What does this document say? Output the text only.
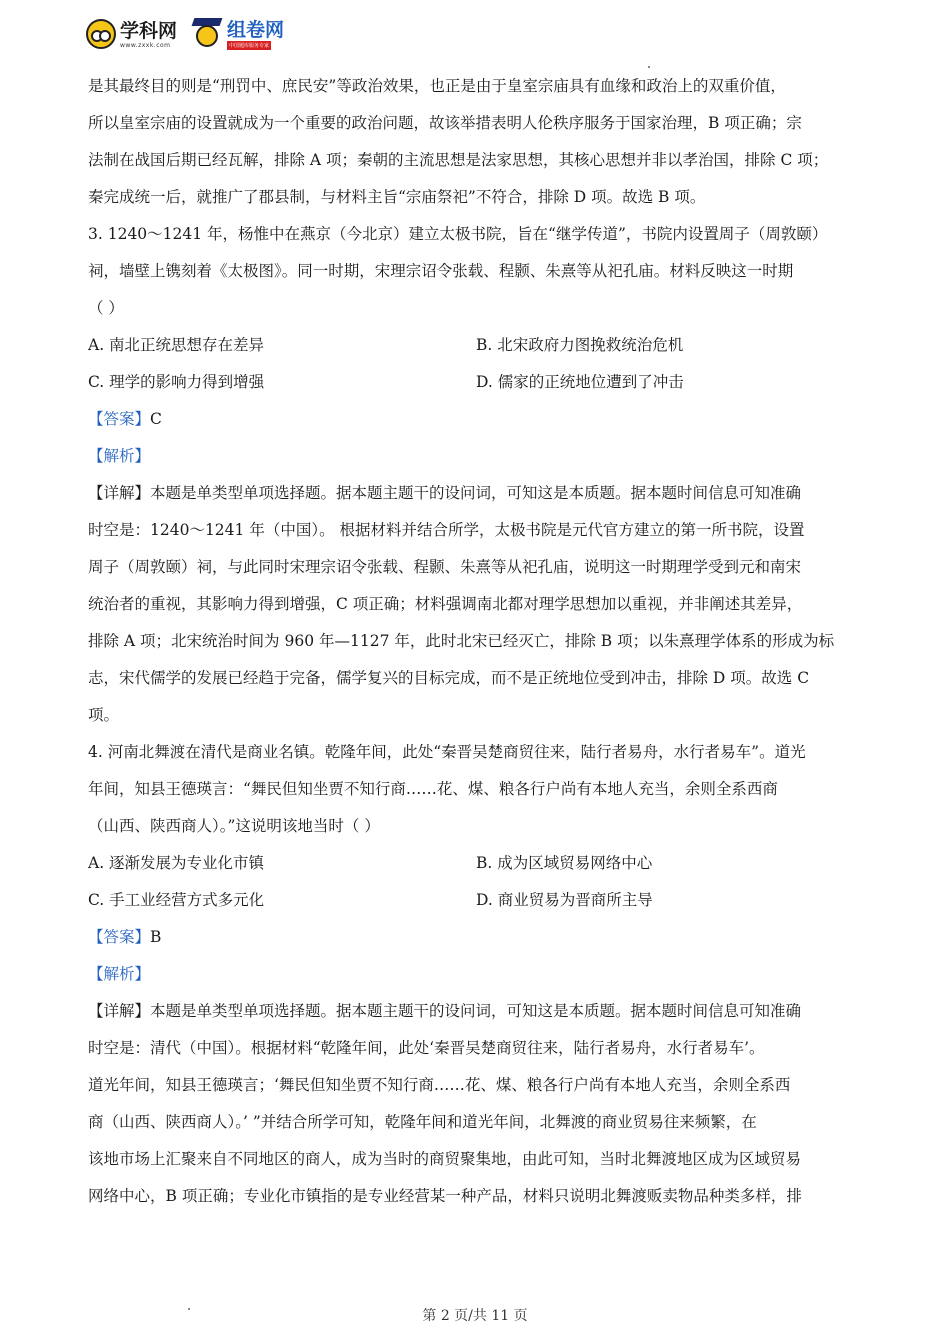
学科网
www.zxxk.com
组卷网
中国题库服务专家
是其最终目的则是“刑罚中、庶民安”等政治效果，也正是由于皇室宗庙具有血缘和政治上的双重价值，
所以皇室宗庙的设置就成为一个重要的政治问题，故该举措表明人伦秩序服务于国家治理，B 项正确；宗
法制在战国后期已经瓦解，排除 A 项；秦朝的主流思想是法家思想，其核心思想并非以孝治国，排除 C 项；
秦完成统一后，就推广了郡县制，与材料主旨“宗庙祭祀”不符合，排除 D 项。故选 B 项。
3. 1240～1241 年，杨惟中在燕京（今北京）建立太极书院，旨在“继学传道”，书院内设置周子（周敦颐）
祠，墙壁上镌刻着《太极图》。同一时期，宋理宗诏令张载、程颢、朱熹等从祀孔庙。材料反映这一时期
（ ）
A. 南北正统思想存在差异	B. 北宋政府力图挽救统治危机
C. 理学的影响力得到增强	D. 儒家的正统地位遭到了冲击
【答案】C
【解析】
【详解】本题是单类型单项选择题。据本题主题干的设问词，可知这是本质题。据本题时间信息可知准确
时空是：1240～1241 年（中国）。 根据材料并结合所学，太极书院是元代官方建立的第一所书院，设置
周子（周敦颐）祠，与此同时宋理宗诏令张载、程颢、朱熹等从祀孔庙，说明这一时期理学受到元和南宋
统治者的重视，其影响力得到增强，C 项正确；材料强调南北都对理学思想加以重视，并非阐述其差异，
排除 A 项；北宋统治时间为 960 年—1127 年，此时北宋已经灭亡，排除 B 项；以朱熹理学体系的形成为标
志，宋代儒学的发展已经趋于完备，儒学复兴的目标完成，而不是正统地位受到冲击，排除 D 项。故选 C
项。
4. 河南北舞渡在清代是商业名镇。乾隆年间，此处“秦晋吴楚商贸往来，陆行者易舟，水行者易车”。道光
年间，知县王德瑛言：“舞民但知坐贾不知行商……花、煤、粮各行户尚有本地人充当，余则全系西商
（山西、陕西商人）。”这说明该地当时（ ）
A. 逐渐发展为专业化市镇	B. 成为区域贸易网络中心
C. 手工业经营方式多元化	D. 商业贸易为晋商所主导
【答案】B
【解析】
【详解】本题是单类型单项选择题。据本题主题干的设问词，可知这是本质题。据本题时间信息可知准确
时空是：清代（中国）。根据材料“乾隆年间，此处‘秦晋吴楚商贸往来，陆行者易舟，水行者易车’。
道光年间，知县王德瑛言；‘舞民但知坐贾不知行商……花、煤、粮各行户尚有本地人充当，余则全系西
商（山西、陕西商人）。’ ”并结合所学可知，乾隆年间和道光年间，北舞渡的商业贸易往来频繁，在
该地市场上汇聚来自不同地区的商人，成为当时的商贸聚集地，由此可知，当时北舞渡地区成为区域贸易
网络中心，B 项正确；专业化市镇指的是专业经营某一种产品，材料只说明北舞渡贩卖物品种类多样，排
第 2 页/共 11 页
